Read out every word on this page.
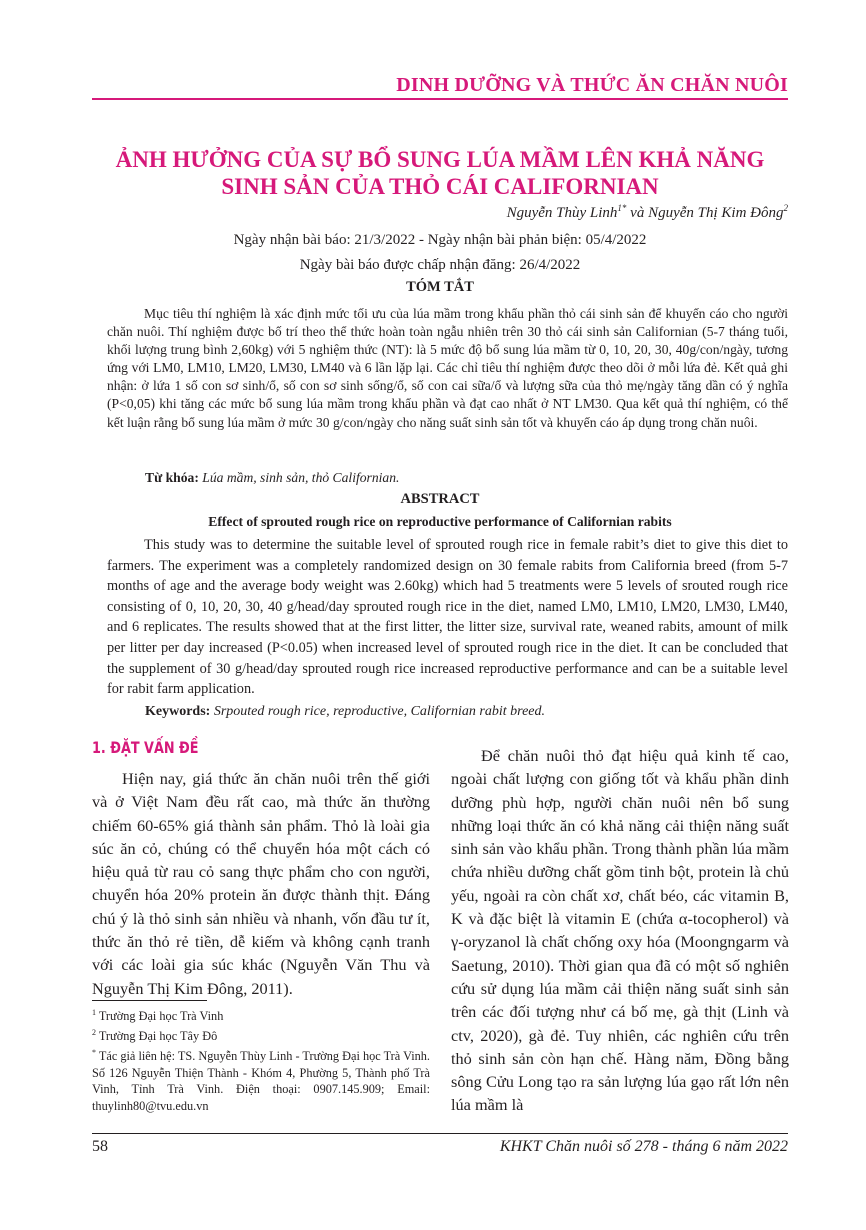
DINH DƯỠNG VÀ THỨC ĂN CHĂN NUÔI
ẢNH HƯỞNG CỦA SỰ BỔ SUNG LÚA MẦM LÊN KHẢ NĂNG
SINH SẢN CỦA THỎ CÁI CALIFORNIAN
Nguyễn Thùy Linh$^{1*}$ và Nguyễn Thị Kim Đông$^2$
Ngày nhận bài báo: 21/3/2022 - Ngày nhận bài phản biện: 05/4/2022
Ngày bài báo được chấp nhận đăng: 26/4/2022
TÓM TẮT

Mục tiêu thí nghiệm là xác định mức tối ưu của lúa mầm trong khẩu phần thỏ cái sinh sản để khuyến cáo cho người chăn nuôi. Thí nghiệm được bố trí theo thể thức hoàn toàn ngẫu nhiên trên 30 thỏ cái sinh sản Californian (5-7 tháng tuổi, khối lượng trung bình 2,60kg) với 5 nghiệm thức (NT): là 5 mức độ bổ sung lúa mầm từ 0, 10, 20, 30, 40g/con/ngày, tương ứng với LM0, LM10, LM20, LM30, LM40 và 6 lần lặp lại. Các chỉ tiêu thí nghiệm được theo dõi ở mỗi lứa đẻ. Kết quả ghi nhận: ở lứa 1 số con sơ sinh/ổ, số con sơ sinh sống/ổ, số con cai sữa/ổ và lượng sữa của thỏ mẹ/ngày tăng dần có ý nghĩa (P<0,05) khi tăng các mức bổ sung lúa mầm trong khẩu phần và đạt cao nhất ở NT LM30. Qua kết quả thí nghiệm, có thể kết luận rằng bổ sung lúa mầm ở mức 30 g/con/ngày cho năng suất sinh sản tốt và khuyến cáo áp dụng trong chăn nuôi.

Từ khóa: Lúa mầm, sinh sản, thỏ Californian.
ABSTRACT
Effect of sprouted rough rice on reproductive performance of Californian rabits

This study was to determine the suitable level of sprouted rough rice in female rabit’s diet to give this diet to farmers. The experiment was a completely randomized design on 30 female rabits from California breed (from 5-7 months of age and the average body weight was 2.60kg) which had 5 treatments were 5 levels of srouted rough rice consisting of 0, 10, 20, 30, 40 g/head/day sprouted rough rice in the diet, named LM0, LM10, LM20, LM30, LM40, and 6 replicates. The results showed that at the first litter, the litter size, survival rate, weaned rabits, amount of milk per litter per day increased (P<0.05) when increased level of sprouted rough rice in the diet. It can be concluded that the supplement of 30 g/head/day sprouted rough rice increased reproductive performance and can be a suitable level for rabit farm application.

Keywords: Srpouted rough rice, reproductive, Californian rabit breed.
1. ĐẶT VẤN ĐỀ

Hiện nay, giá thức ăn chăn nuôi trên thế giới và ở Việt Nam đều rất cao, mà thức ăn thường chiếm 60-65% giá thành sản phẩm. Thỏ là loài gia súc ăn cỏ, chúng có thể chuyển hóa một cách có hiệu quả từ rau cỏ sang thực phẩm cho con người, chuyển hóa 20% protein ăn được thành thịt. Đáng chú ý là thỏ sinh sản nhiều và nhanh, vốn đầu tư ít, thức ăn thỏ rẻ tiền, dễ kiếm và không cạnh tranh với các loài gia súc khác (Nguyễn Văn Thu và Nguyễn Thị Kim Đông, 2011).

Để chăn nuôi thỏ đạt hiệu quả kinh tế cao, ngoài chất lượng con giống tốt và khẩu phần dinh dưỡng phù hợp, người chăn nuôi nên bổ sung những loại thức ăn có khả năng cải thiện năng suất sinh sản vào khẩu phần. Trong thành phần lúa mầm chứa nhiều dưỡng chất gồm tinh bột, protein là chủ yếu, ngoài ra còn chất xơ, chất béo, các vitamin B, K và đặc biệt là vitamin E (chứa α-tocopherol) và γ-oryzanol là chất chống oxy hóa (Moongngarm và Saetung, 2010). Thời gian qua đã có một số nghiên cứu sử dụng lúa mầm cải thiện năng suất sinh sản trên các đối tượng như cá bố mẹ, gà thịt (Linh và ctv, 2020), gà đẻ. Tuy nhiên, các nghiên cứu trên thỏ sinh sản còn hạn chế. Hàng năm, Đồng bằng sông Cửu Long tạo ra sản lượng lúa gạo rất lớn nên lúa mầm là

$^1$ Trường Đại học Trà Vinh
$^2$ Trường Đại học Tây Đô
* Tác giả liên hệ: TS. Nguyễn Thùy Linh - Trường Đại học Trà Vinh. Số 126 Nguyễn Thiện Thành - Khóm 4, Phường 5, Thành phố Trà Vinh, Tỉnh Trà Vinh. Điện thoại: 0907.145.909; Email: thuylinh80@tvu.edu.vn
58	KHKT Chăn nuôi số 278 - tháng 6 năm 2022
